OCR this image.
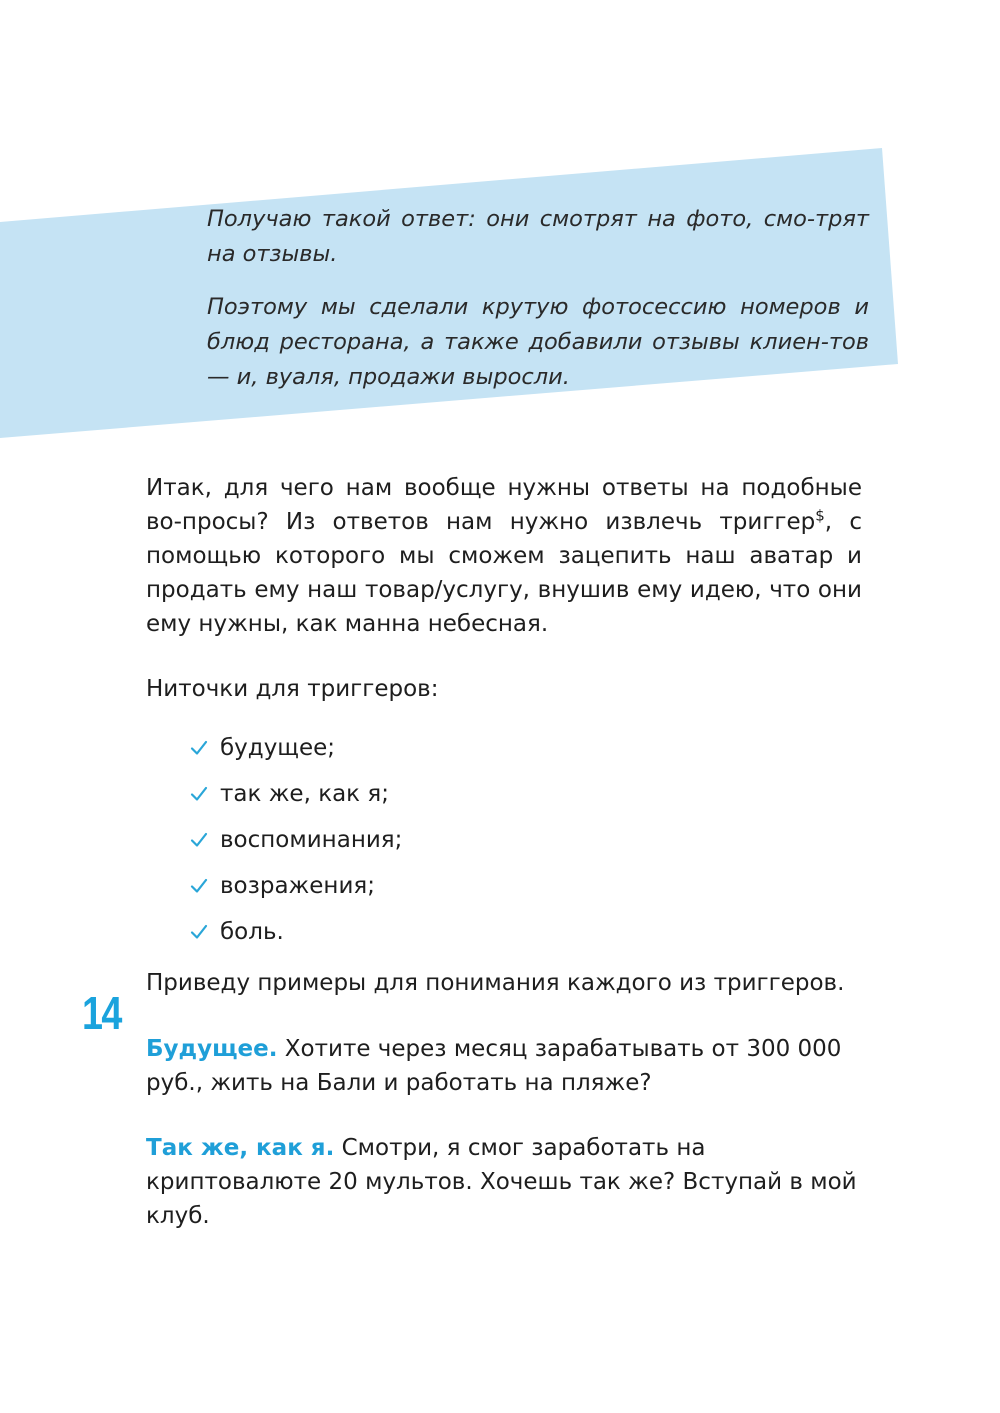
Получаю такой ответ: они смотрят на фото, смо-трят на отзывы.

Поэтому мы сделали крутую фотосессию номеров и блюд ресторана, а также добавили отзывы клиен-тов — и, вуаля, продажи выросли.

Итак, для чего нам вообще нужны ответы на подобные во-просы? Из ответов нам нужно извлечь триггер$, с помощью которого мы сможем зацепить наш аватар и продать ему наш товар/услугу, внушив ему идею, что они ему нужны, как манна небесная.

Ниточки для триггеров:

будущее;
так же, как я;
воспоминания;
возражения;
боль.

Приведу примеры для понимания каждого из триггеров.

Будущее. Хотите через месяц зарабатывать от 300 000 руб., жить на Бали и работать на пляже?

Так же, как я. Смотри, я смог заработать на криптовалюте 20 мультов. Хочешь так же? Вступай в мой клуб.

14
